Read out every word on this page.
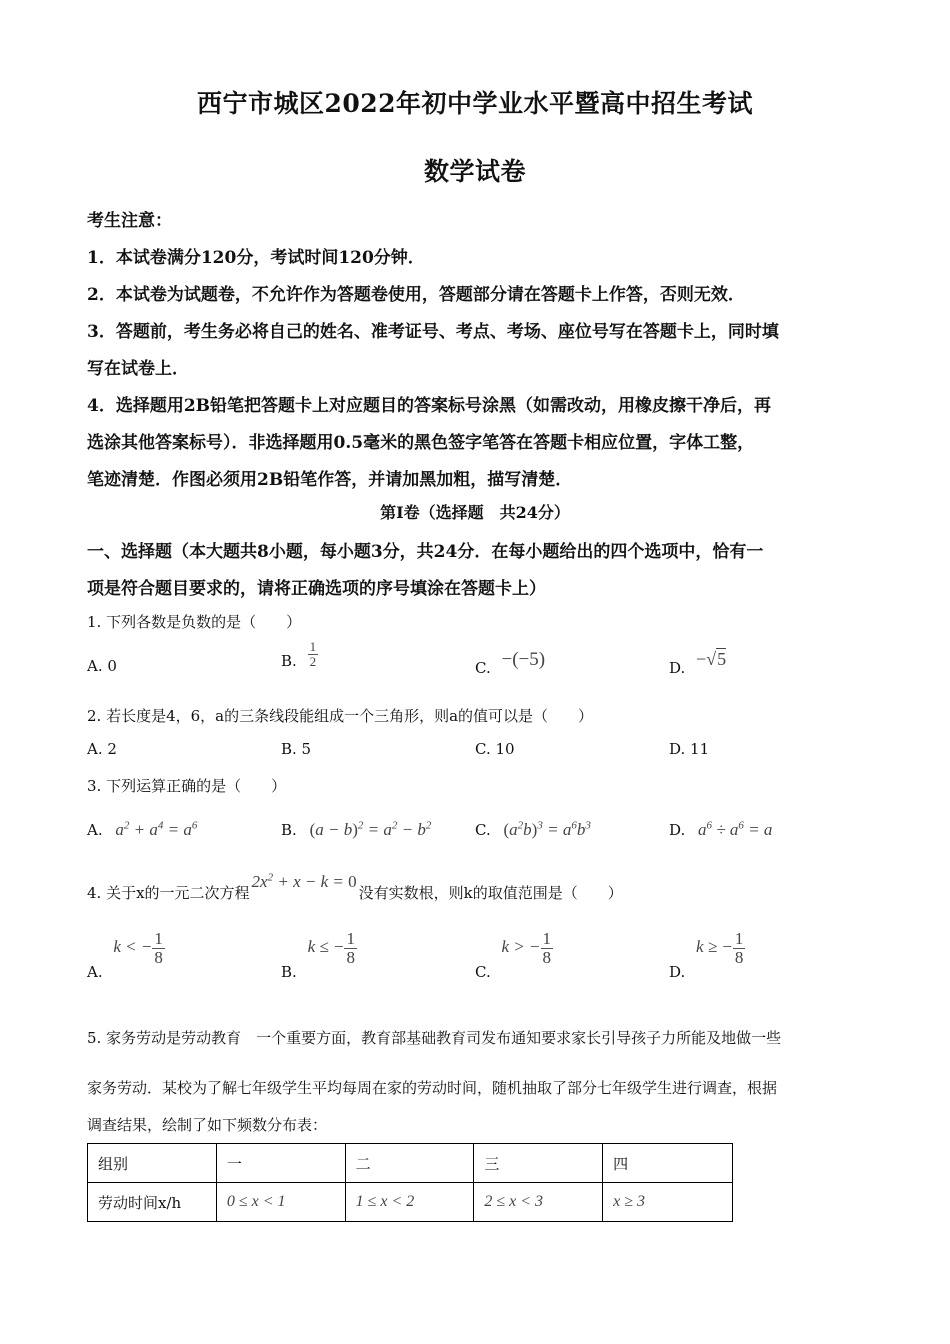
西宁市城区2022年初中学业水平暨高中招生考试
数学试卷
考生注意：
1．本试卷满分120分，考试时间120分钟．
2．本试卷为试题卷，不允许作为答题卷使用，答题部分请在答题卡上作答，否则无效．
3．答题前，考生务必将自己的姓名、准考证号、考点、考场、座位号写在答题卡上，同时填
写在试卷上．
4．选择题用2B铅笔把答题卡上对应题目的答案标号涂黑（如需改动，用橡皮擦干净后，再
选涂其他答案标号）．非选择题用0.5毫米的黑色签字笔答在答题卡相应位置，字体工整，
笔迹清楚．作图必须用2B铅笔作答，并请加黑加粗，描写清楚．
第I卷（选择题　共24分）
一、选择题（本大题共8小题，每小题3分，共24分．在每小题给出的四个选项中，恰有一
项是符合题目要求的，请将正确选项的序号填涂在答题卡上）
1. 下列各数是负数的是（　　）
A. 0	B. $\frac{1}{2}$	C. −(−5)	D. −√5
2. 若长度是4，6，a的三条线段能组成一个三角形，则a的值可以是（　　）
A. 2	B. 5	C. 10	D. 11
3. 下列运算正确的是（　　）
A. $a^2 + a^4 = a^6$	B. $(a - b)^2 = a^2 - b^2$	C. $(a^2b)^3 = a^6b^3$	D. $a^6 \div a^6 = a$
4. 关于x的一元二次方程$2x^2 + x - k = 0$没有实数根，则k的取值范围是（　　）
A. k < − $\frac{1}{8}$
B. k ≤ − $\frac{1}{8}$
C. k > − $\frac{1}{8}$
D. k ≥ − $\frac{1}{8}$
5. 家务劳动是劳动教育　一个重要方面，教育部基础教育司发布通知要求家长引导孩子力所能及地做一些
家务劳动．某校为了解七年级学生平均每周在家的劳动时间，随机抽取了部分七年级学生进行调查，根据
调查结果，绘制了如下频数分布表：
组别	一	二	三	四
劳动时间x/h	0 ≤ x < 1	1 ≤ x < 2	2 ≤ x < 3	x ≥ 3
